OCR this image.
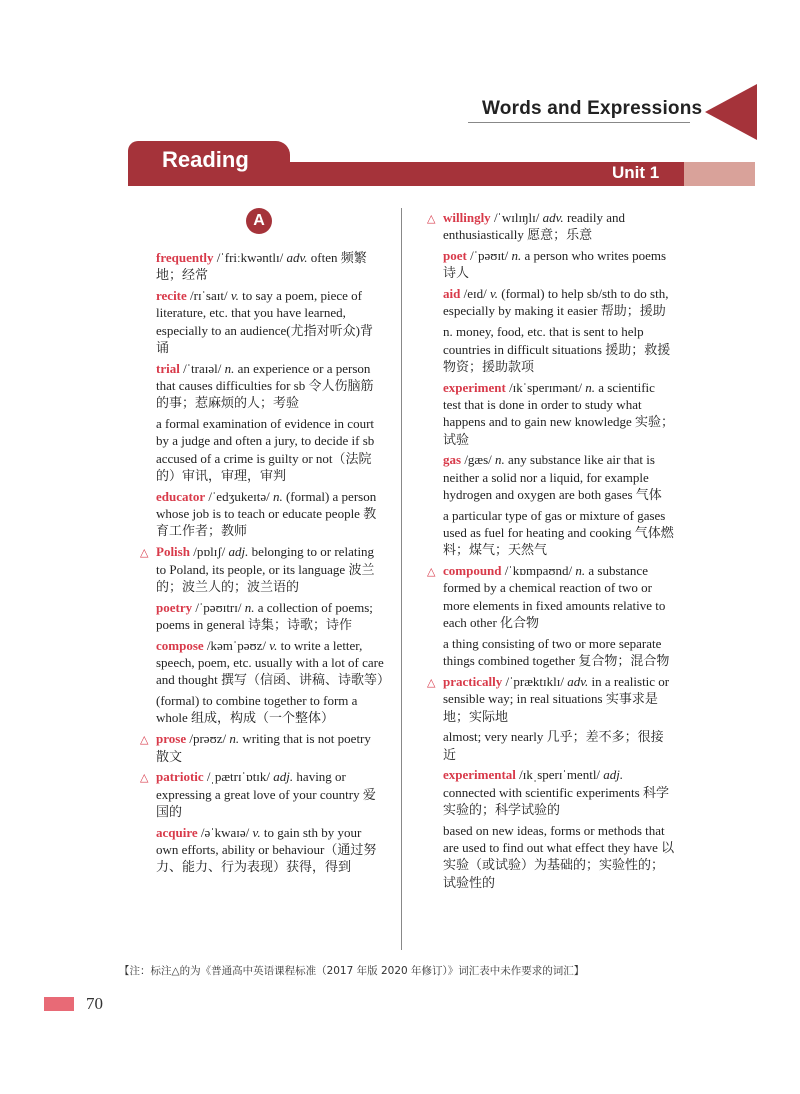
Words and Expressions
Reading
Unit 1
A
frequently /ˈfriːkwəntlɪ/ adv. often 频繁地；经常
recite /rɪˈsaɪt/ v. to say a poem, piece of literature, etc. that you have learned, especially to an audience(尤指对听众)背诵
trial /ˈtraɪəl/ n. an experience or a person that causes difficulties for sb 令人伤脑筋的事；惹麻烦的人；考验
a formal examination of evidence in court by a judge and often a jury, to decide if sb accused of a crime is guilty or not（法院的）审讯，审理，审判
educator /ˈedʒukeɪtə/ n. (formal) a person whose job is to teach or educate people 教育工作者；教师
△ Polish /pɒlɪʃ/ adj. belonging to or relating to Poland, its people, or its language 波兰的；波兰人的；波兰语的
poetry /ˈpəʊɪtrɪ/ n. a collection of poems; poems in general 诗集；诗歌；诗作
compose /kəmˈpəʊz/ v. to write a letter, speech, poem, etc. usually with a lot of care and thought 撰写（信函、讲稿、诗歌等）
(formal) to combine together to form a whole 组成，构成（一个整体）
△ prose /prəʊz/ n. writing that is not poetry 散文
△ patriotic /ˌpætrɪˈɒtɪk/ adj. having or expressing a great love of your country 爱国的
acquire /əˈkwaɪə/ v. to gain sth by your own efforts, ability or behaviour（通过努力、能力、行为表现）获得，得到
△ willingly /ˈwɪlɪŋlɪ/ adv. readily and enthusiastically 愿意；乐意
poet /ˈpəʊɪt/ n. a person who writes poems 诗人
aid /eɪd/ v. (formal) to help sb/sth to do sth, especially by making it easier 帮助；援助
n. money, food, etc. that is sent to help countries in difficult situations 援助；救援物资；援助款项
experiment /ɪkˈsperɪmənt/ n. a scientific test that is done in order to study what happens and to gain new knowledge 实验；试验
gas /gæs/ n. any substance like air that is neither a solid nor a liquid, for example hydrogen and oxygen are both gases 气体
a particular type of gas or mixture of gases used as fuel for heating and cooking 气体燃料；煤气；天然气
△ compound /ˈkɒmpaʊnd/ n. a substance formed by a chemical reaction of two or more elements in fixed amounts relative to each other 化合物
a thing consisting of two or more separate things combined together 复合物；混合物
△ practically /ˈpræktɪklɪ/ adv. in a realistic or sensible way; in real situations 实事求是地；实际地
almost; very nearly 几乎；差不多；很接近
experimental /ɪkˌsperɪˈmentl/ adj. connected with scientific experiments 科学实验的；科学试验的
based on new ideas, forms or methods that are used to find out what effect they have 以实验（或试验）为基础的；实验性的；试验性的
【注：标注△的为《普通高中英语课程标准（2017 年版 2020 年修订）》词汇表中未作要求的词汇】
70
